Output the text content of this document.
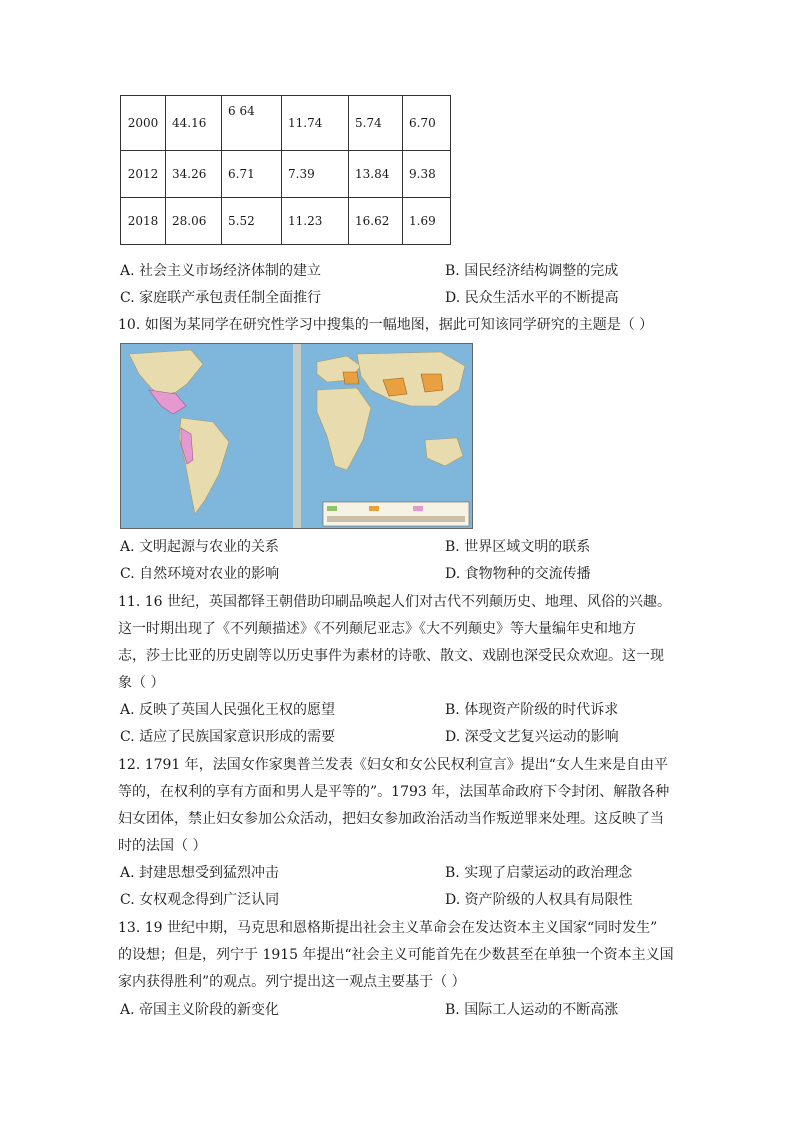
2000	44.16	6 64	11.74	5.74	6.70
2012	34.26	6.71	7.39	13.84	9.38
2018	28.06	5.52	11.23	16.62	1.69
A. 社会主义市场经济体制的建立	B. 国民经济结构调整的完成
C. 家庭联产承包责任制全面推行	D. 民众生活水平的不断提高
10. 如图为某同学在研究性学习中搜集的一幅地图，据此可知该同学研究的主题是（ ）
A. 文明起源与农业的关系	B. 世界区域文明的联系
C. 自然环境对农业的影响	D. 食物物种的交流传播
11. 16 世纪，英国都铎王朝借助印刷品唤起人们对古代不列颠历史、地理、风俗的兴趣。
这一时期出现了《不列颠描述》《不列颠尼亚志》《大不列颠史》等大量编年史和地方
志，莎士比亚的历史剧等以历史事件为素材的诗歌、散文、戏剧也深受民众欢迎。这一现
象（ ）
A. 反映了英国人民强化王权的愿望	B. 体现资产阶级的时代诉求
C. 适应了民族国家意识形成的需要	D. 深受文艺复兴运动的影响
12. 1791 年，法国女作家奥普兰发表《妇女和女公民权利宣言》提出“女人生来是自由平
等的，在权利的享有方面和男人是平等的”。1793 年，法国革命政府下令封闭、解散各种
妇女团体，禁止妇女参加公众活动，把妇女参加政治活动当作叛逆罪来处理。这反映了当
时的法国（ ）
A. 封建思想受到猛烈冲击	B. 实现了启蒙运动的政治理念
C. 女权观念得到广泛认同	D. 资产阶级的人权具有局限性
13. 19 世纪中期，马克思和恩格斯提出社会主义革命会在发达资本主义国家“同时发生”
的设想；但是，列宁于 1915 年提出“社会主义可能首先在少数甚至在单独一个资本主义国
家内获得胜利”的观点。列宁提出这一观点主要基于（ ）
A. 帝国主义阶段的新变化	B. 国际工人运动的不断高涨
